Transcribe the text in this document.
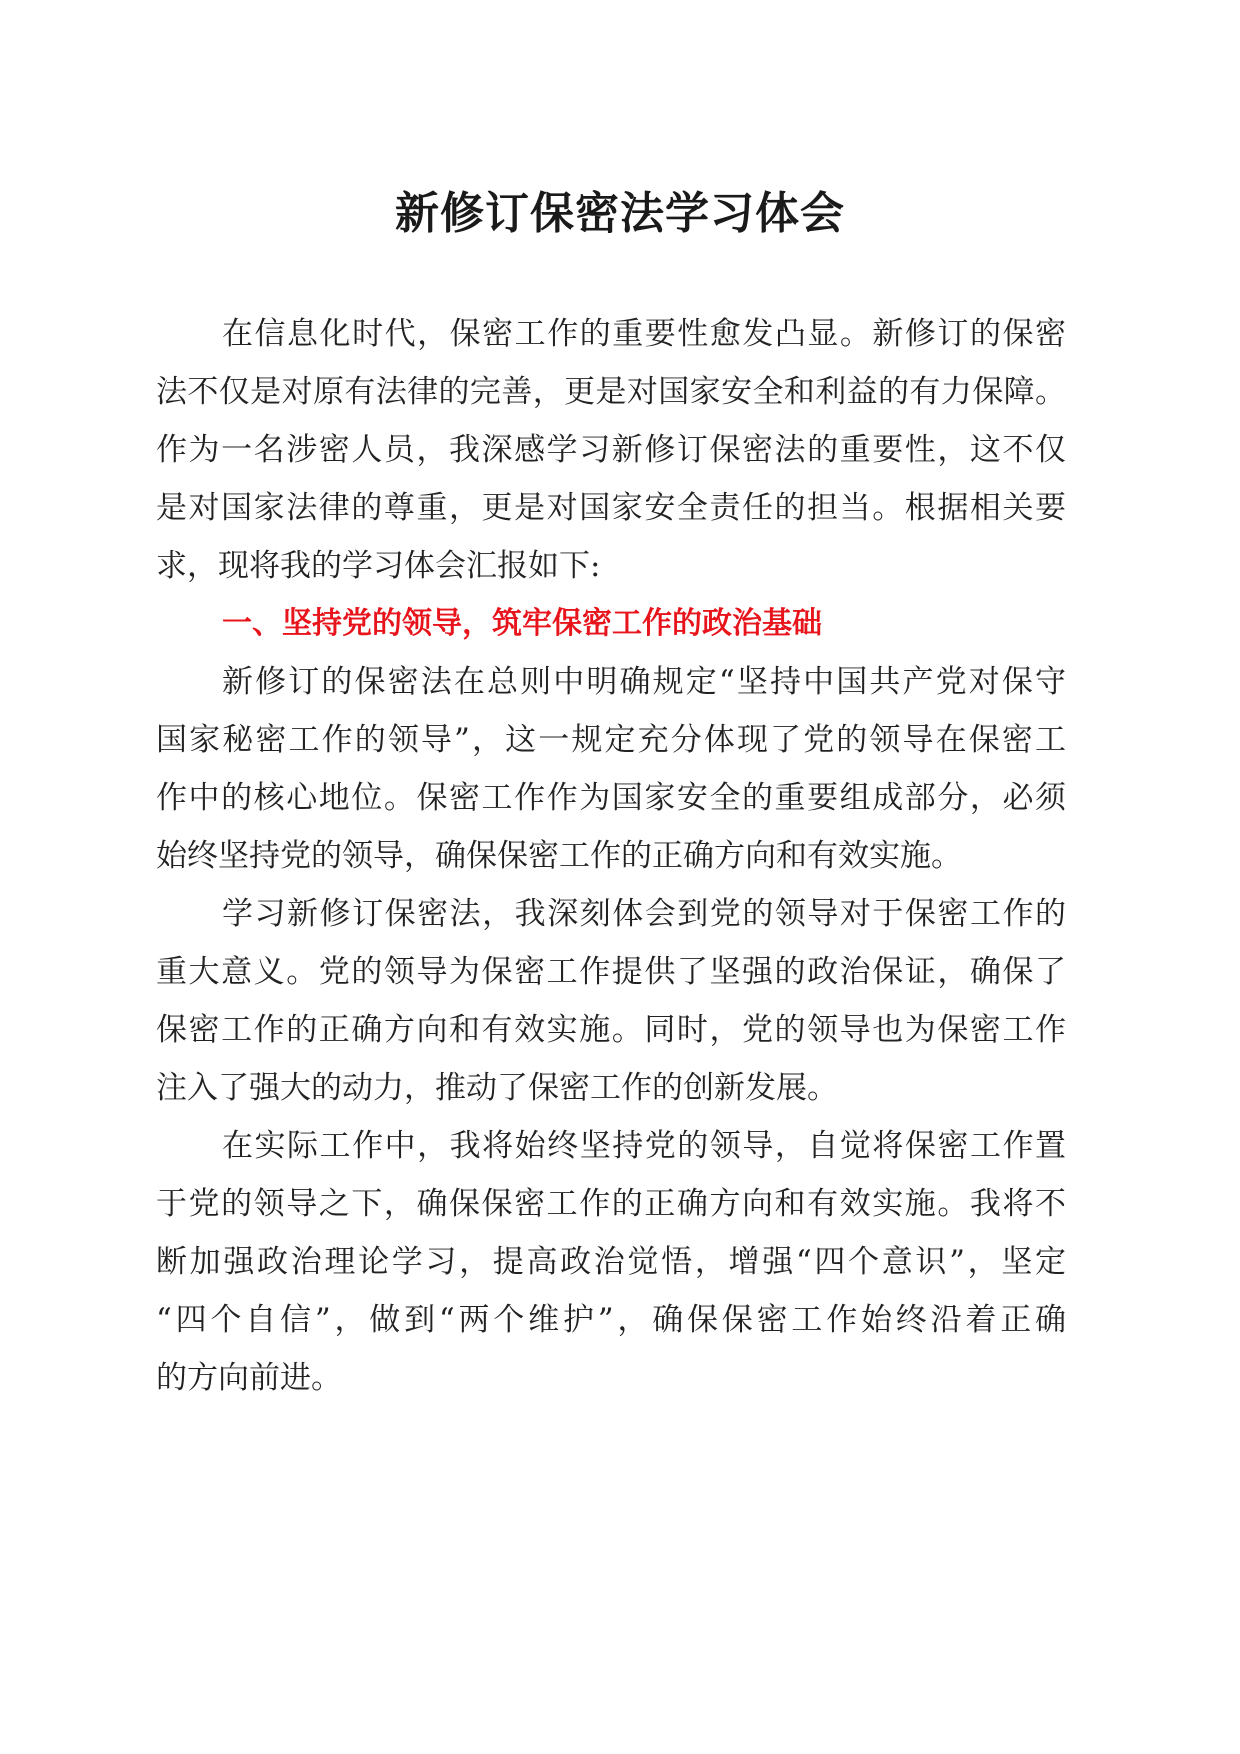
新修订保密法学习体会
在信息化时代，保密工作的重要性愈发凸显。新修订的保密
法不仅是对原有法律的完善，更是对国家安全和利益的有力保障。
作为一名涉密人员，我深感学习新修订保密法的重要性，这不仅
是对国家法律的尊重，更是对国家安全责任的担当。根据相关要
求，现将我的学习体会汇报如下:
一、坚持党的领导，筑牢保密工作的政治基础
新修订的保密法在总则中明确规定“坚持中国共产党对保守
国家秘密工作的领导”，这一规定充分体现了党的领导在保密工
作中的核心地位。保密工作作为国家安全的重要组成部分，必须
始终坚持党的领导，确保保密工作的正确方向和有效实施。
学习新修订保密法，我深刻体会到党的领导对于保密工作的
重大意义。党的领导为保密工作提供了坚强的政治保证，确保了
保密工作的正确方向和有效实施。同时，党的领导也为保密工作
注入了强大的动力，推动了保密工作的创新发展。
在实际工作中，我将始终坚持党的领导，自觉将保密工作置
于党的领导之下，确保保密工作的正确方向和有效实施。我将不
断加强政治理论学习，提高政治觉悟，增强“四个意识”，坚定
“四个自信”，做到“两个维护”，确保保密工作始终沿着正确
的方向前进。
